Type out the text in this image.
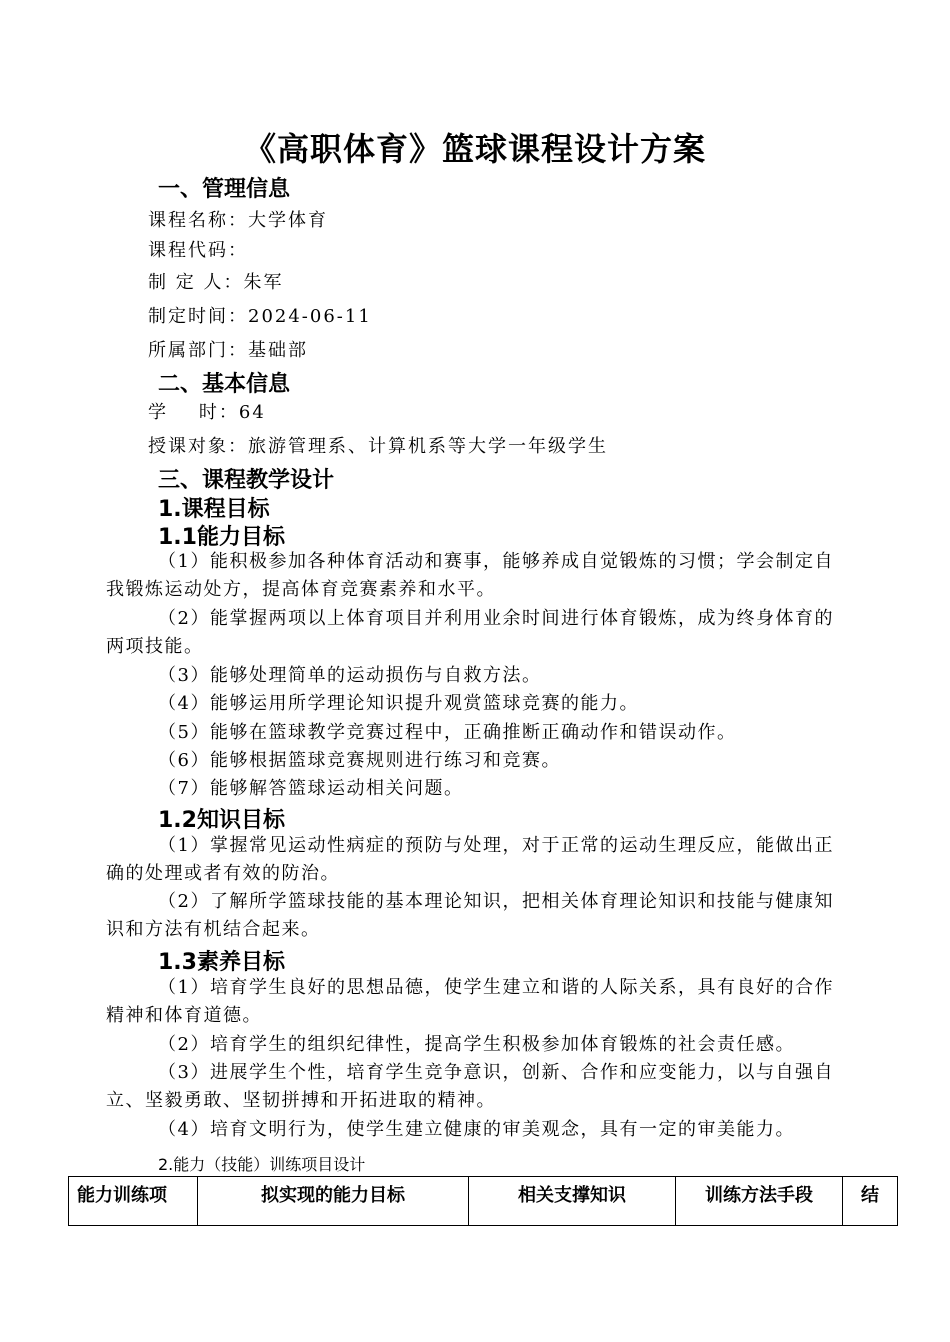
《高职体育》篮球课程设计方案
一、管理信息
课程名称：大学体育
课程代码：
制 定 人：朱军
制定时间：2024-06-11
所属部门：基础部
二、基本信息
学    时：64
授课对象：旅游管理系、计算机系等大学一年级学生
三、课程教学设计
1.课程目标
1.1能力目标
（1）能积极参加各种体育活动和赛事，能够养成自觉锻炼的习惯；学会制定自我锻炼运动处方，提高体育竞赛素养和水平。
（2）能掌握两项以上体育项目并利用业余时间进行体育锻炼，成为终身体育的两项技能。
（3）能够处理简单的运动损伤与自救方法。
（4）能够运用所学理论知识提升观赏篮球竞赛的能力。
（5）能够在篮球教学竞赛过程中，正确推断正确动作和错误动作。
（6）能够根据篮球竞赛规则进行练习和竞赛。
（7）能够解答篮球运动相关问题。
1.2知识目标
（1）掌握常见运动性病症的预防与处理，对于正常的运动生理反应，能做出正确的处理或者有效的防治。
（2）了解所学篮球技能的基本理论知识，把相关体育理论知识和技能与健康知识和方法有机结合起来。
1.3素养目标
（1）培育学生良好的思想品德，使学生建立和谐的人际关系，具有良好的合作精神和体育道德。
（2）培育学生的组织纪律性，提高学生积极参加体育锻炼的社会责任感。
（3）进展学生个性，培育学生竞争意识，创新、合作和应变能力，以与自强自立、坚毅勇敢、坚韧拼搏和开拓进取的精神。
（4）培育文明行为，使学生建立健康的审美观念，具有一定的审美能力。
2.能力（技能）训练项目设计
能力训练项	拟实现的能力目标	相关支撑知识	训练方法手段	结
